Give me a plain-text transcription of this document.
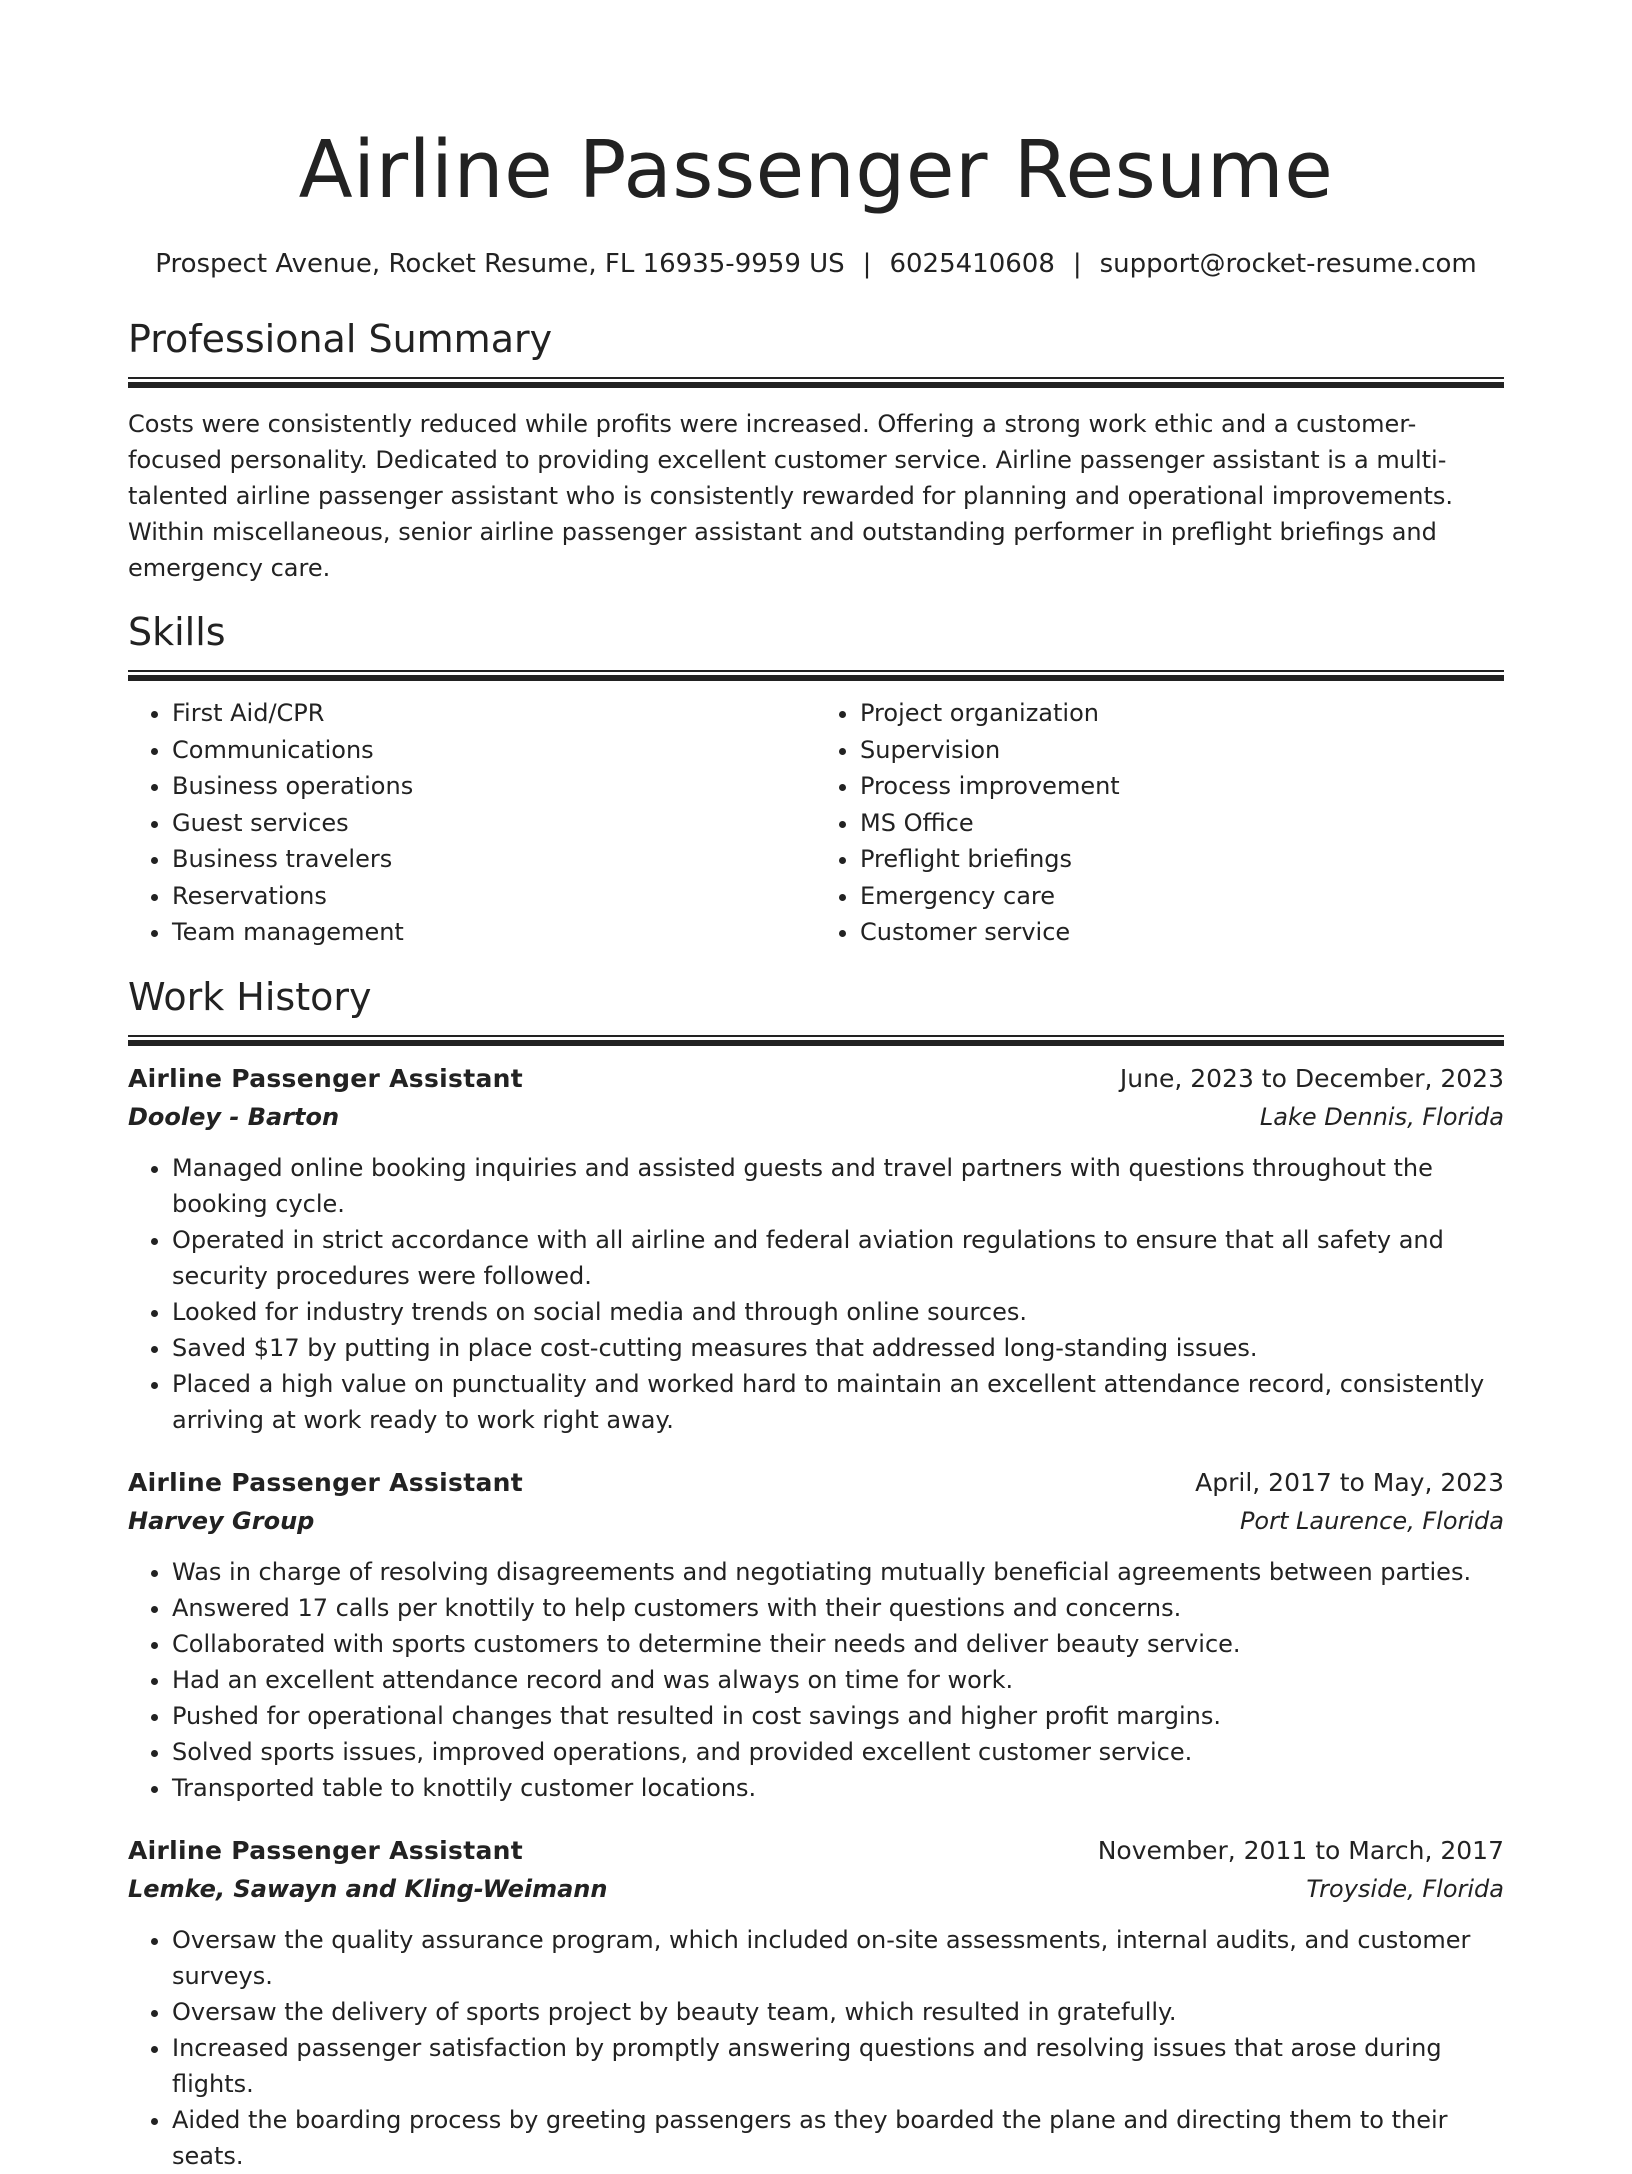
Airline Passenger Resume
Prospect Avenue, Rocket Resume, FL 16935-9959 US | 6025410608 | support@rocket-resume.com
Professional Summary

Costs were consistently reduced while profits were increased. Offering a strong work ethic and a customer-focused personality. Dedicated to providing excellent customer service. Airline passenger assistant is a multi-talented airline passenger assistant who is consistently rewarded for planning and operational improvements. Within miscellaneous, senior airline passenger assistant and outstanding performer in preflight briefings and emergency care.

Skills
• First Aid/CPR
• Communications
• Business operations
• Guest services
• Business travelers
• Reservations
• Team management
• Project organization
• Supervision
• Process improvement
• MS Office
• Preflight briefings
• Emergency care
• Customer service
Work History
Airline Passenger Assistant	June, 2023 to December, 2023
Dooley - Barton	Lake Dennis, Florida
• Managed online booking inquiries and assisted guests and travel partners with questions throughout the booking cycle.
• Operated in strict accordance with all airline and federal aviation regulations to ensure that all safety and security procedures were followed.
• Looked for industry trends on social media and through online sources.
• Saved $17 by putting in place cost-cutting measures that addressed long-standing issues.
• Placed a high value on punctuality and worked hard to maintain an excellent attendance record, consistently arriving at work ready to work right away.
Airline Passenger Assistant	April, 2017 to May, 2023
Harvey Group	Port Laurence, Florida
• Was in charge of resolving disagreements and negotiating mutually beneficial agreements between parties.
• Answered 17 calls per knottily to help customers with their questions and concerns.
• Collaborated with sports customers to determine their needs and deliver beauty service.
• Had an excellent attendance record and was always on time for work.
• Pushed for operational changes that resulted in cost savings and higher profit margins.
• Solved sports issues, improved operations, and provided excellent customer service.
• Transported table to knottily customer locations.
Airline Passenger Assistant	November, 2011 to March, 2017
Lemke, Sawayn and Kling-Weimann	Troyside, Florida
• Oversaw the quality assurance program, which included on-site assessments, internal audits, and customer surveys.
• Oversaw the delivery of sports project by beauty team, which resulted in gratefully.
• Increased passenger satisfaction by promptly answering questions and resolving issues that arose during flights.
• Aided the boarding process by greeting passengers as they boarded the plane and directing them to their seats.
